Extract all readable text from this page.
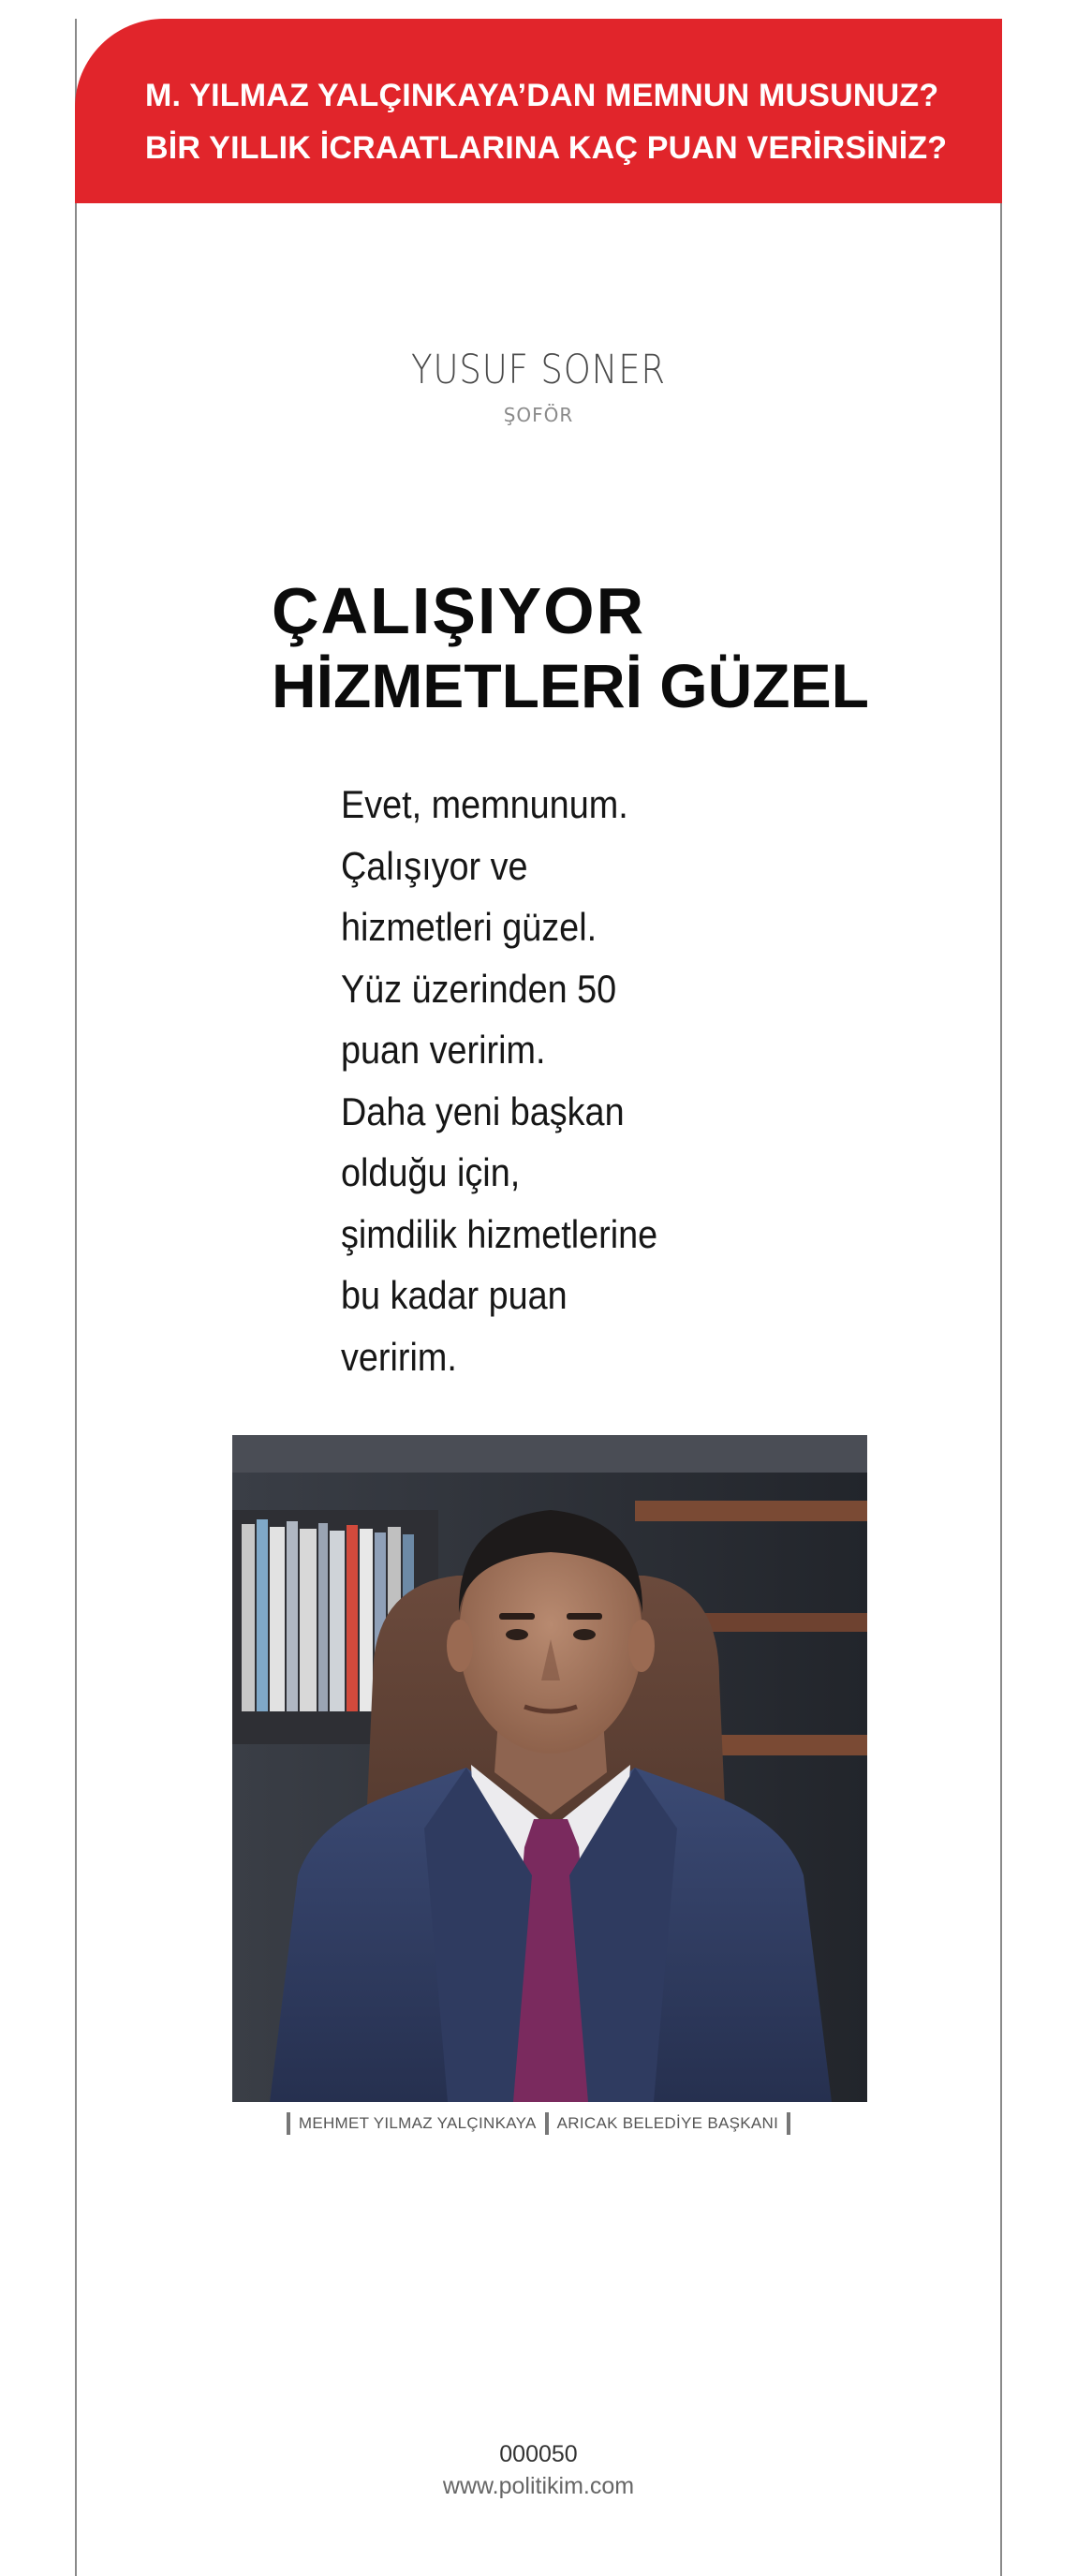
M. YILMAZ YALÇINKAYA’DAN MEMNUN MUSUNUZ?
BİR YILLIK İCRAATLARINA KAÇ PUAN VERİRSİNİZ?
YUSUF SONER
ŞOFÖR
ÇALIŞIYOR
HİZMETLERİ GÜZEL
Evet, memnunum.
Çalışıyor ve
hizmetleri güzel.
Yüz üzerinden 50
puan veririm.
Daha yeni başkan
olduğu için,
şimdilik hizmetlerine
bu kadar puan
veririm.
MEHMET YILMAZ YALÇINKAYA ARICAK BELEDİYE BAŞKANI
000050
www.politikim.com
